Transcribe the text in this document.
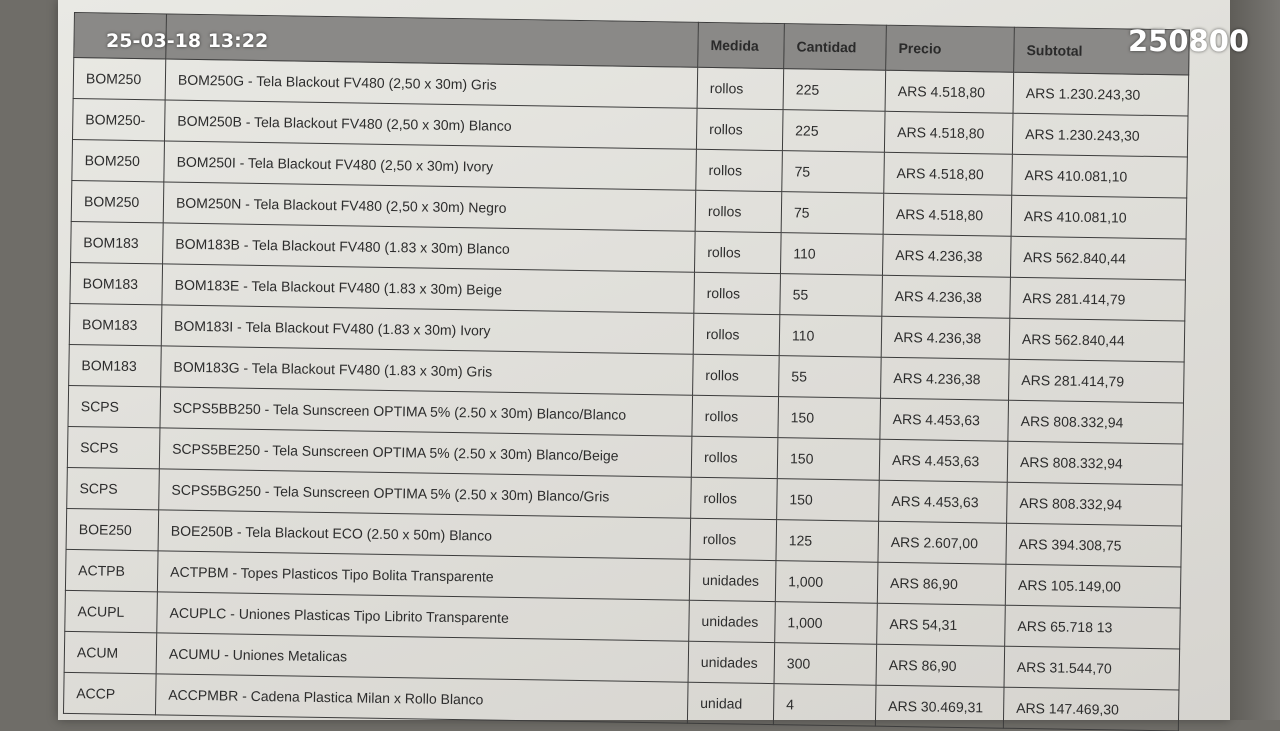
		Medida	Cantidad	Precio	Subtotal
BOM250	BOM250G - Tela Blackout FV480 (2,50 x 30m) Gris	rollos	225	ARS 4.518,80	ARS 1.230.243,30
BOM250-	BOM250B - Tela Blackout FV480 (2,50 x 30m) Blanco	rollos	225	ARS 4.518,80	ARS 1.230.243,30
BOM250	BOM250I - Tela Blackout FV480 (2,50 x 30m) Ivory	rollos	75	ARS 4.518,80	ARS 410.081,10
BOM250	BOM250N - Tela Blackout FV480 (2,50 x 30m) Negro	rollos	75	ARS 4.518,80	ARS 410.081,10
BOM183	BOM183B - Tela Blackout FV480 (1.83 x 30m) Blanco	rollos	110	ARS 4.236,38	ARS 562.840,44
BOM183	BOM183E - Tela Blackout FV480 (1.83 x 30m) Beige	rollos	55	ARS 4.236,38	ARS 281.414,79
BOM183	BOM183I - Tela Blackout FV480 (1.83 x 30m) Ivory	rollos	110	ARS 4.236,38	ARS 562.840,44
BOM183	BOM183G - Tela Blackout FV480 (1.83 x 30m) Gris	rollos	55	ARS 4.236,38	ARS 281.414,79
SCPS	SCPS5BB250 - Tela Sunscreen OPTIMA 5% (2.50 x 30m) Blanco/Blanco	rollos	150	ARS 4.453,63	ARS 808.332,94
SCPS	SCPS5BE250 - Tela Sunscreen OPTIMA 5% (2.50 x 30m) Blanco/Beige	rollos	150	ARS 4.453,63	ARS 808.332,94
SCPS	SCPS5BG250 - Tela Sunscreen OPTIMA 5% (2.50 x 30m) Blanco/Gris	rollos	150	ARS 4.453,63	ARS 808.332,94
BOE250	BOE250B - Tela Blackout ECO (2.50 x 50m) Blanco	rollos	125	ARS 2.607,00	ARS 394.308,75
ACTPB	ACTPBM - Topes Plasticos Tipo Bolita Transparente	unidades	1,000	ARS 86,90	ARS 105.149,00
ACUPL	ACUPLC - Uniones Plasticas Tipo Librito Transparente	unidades	1,000	ARS 54,31	ARS 65.718 13
ACUM	ACUMU - Uniones Metalicas	unidades	300	ARS 86,90	ARS 31.544,70
ACCP	ACCPMBR - Cadena Plastica Milan x Rollo Blanco	unidad	4	ARS 30.469,31	ARS 147.469,30
25-03-18 13:22	250800
